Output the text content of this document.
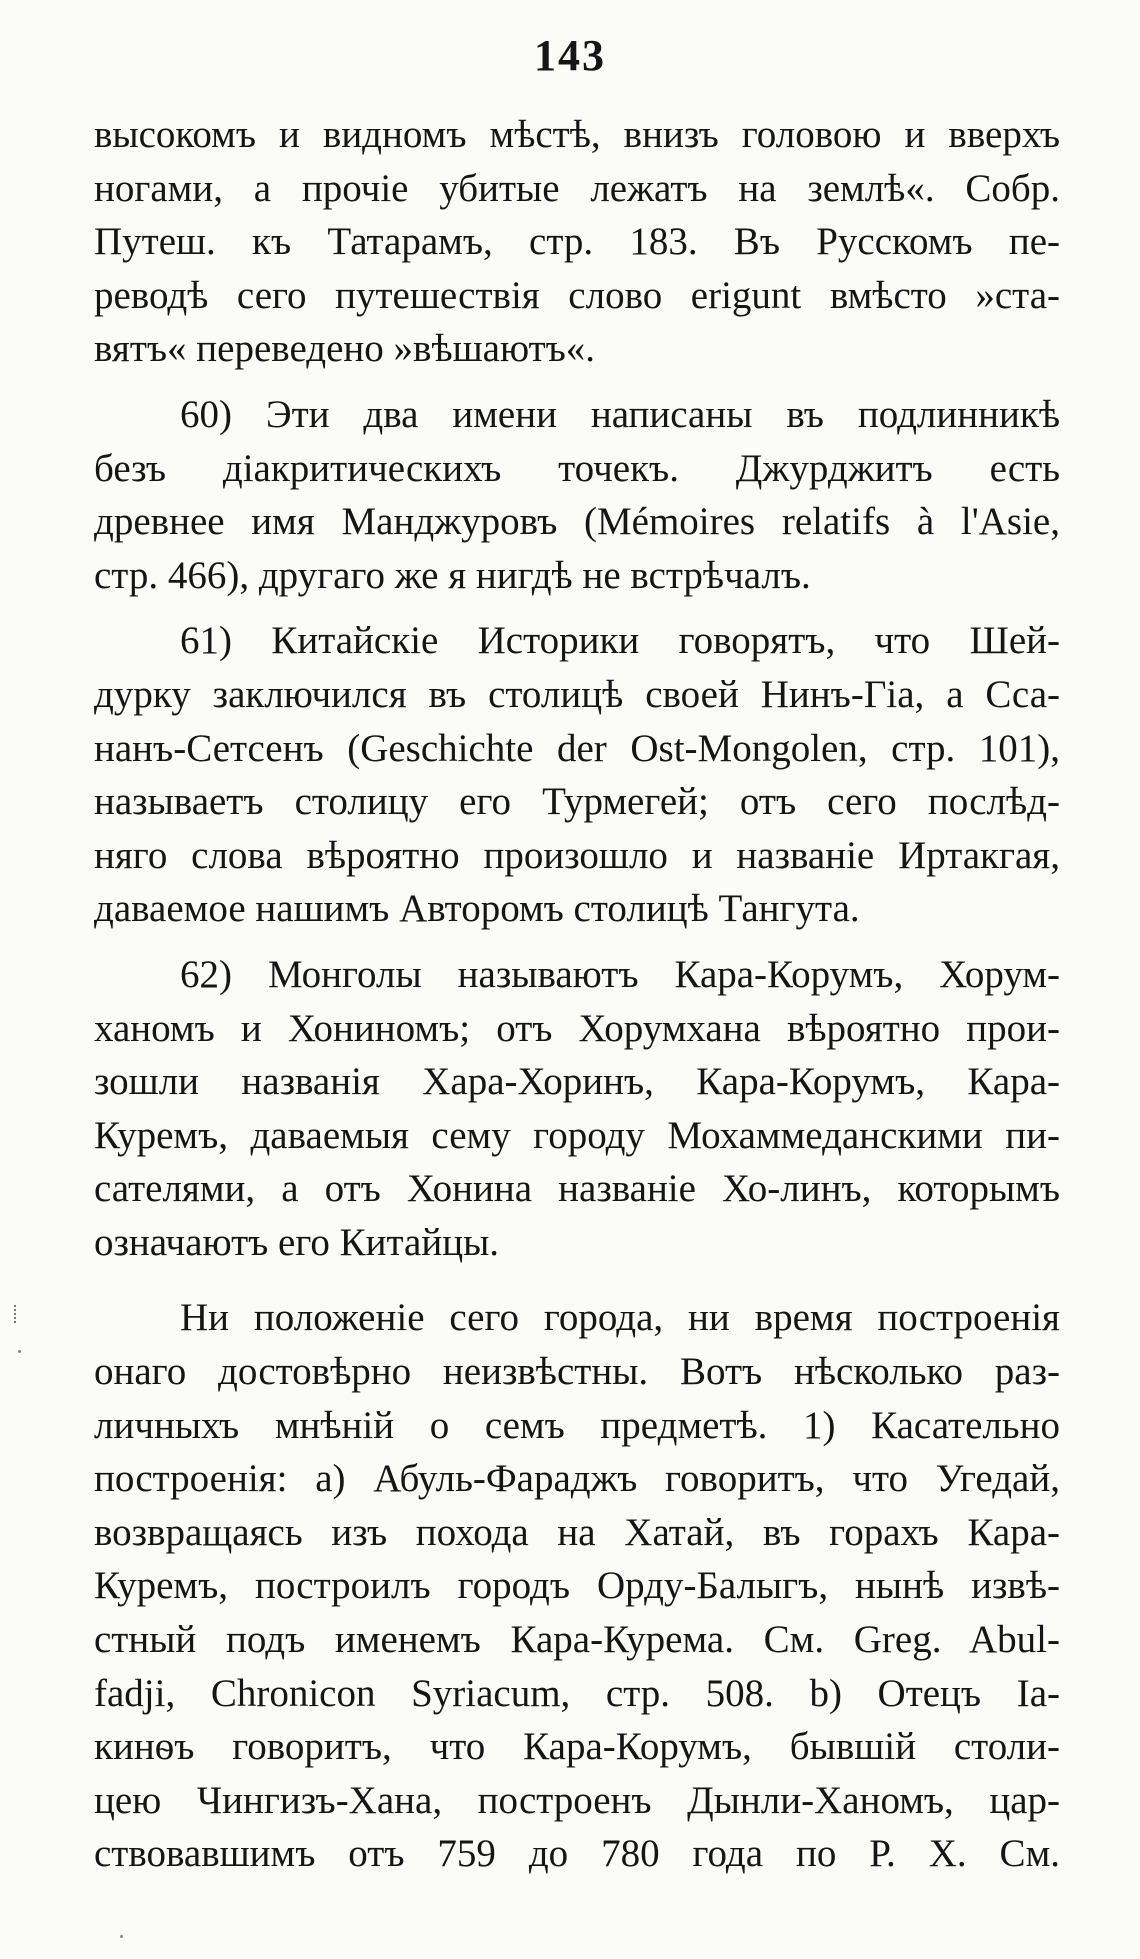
143
высокомъ и видномъ мѣстѣ, внизъ головою и вверхъ
ногами, а прочіе убитые лежатъ на землѣ«. Собр.
Путеш. къ Татарамъ, стр. 183. Въ Русскомъ пе-
реводѣ сего путешествія слово erigunt вмѣсто »ста-
вятъ« переведено »вѣшаютъ«.
60) Эти два имени написаны въ подлинникѣ
безъ діакритическихъ точекъ. Джурджитъ есть
древнее имя Манджуровъ (Mémoires relatifs à l'Asie,
стр. 466), другаго же я нигдѣ не встрѣчалъ.
61) Китайскіе Историки говорятъ, что Шей-
дурку заключился въ столицѣ своей Нинъ-Гіа, а Сса-
нанъ-Сетсенъ (Geschichte der Ost-Mongolen, стр. 101),
называетъ столицу его Турмегей; отъ сего послѣд-
няго слова вѣроятно произошло и названіе Иртакгая,
даваемое нашимъ Авторомъ столицѣ Тангута.
62) Монголы называютъ Кара-Корумъ, Хорум-
ханомъ и Хониномъ; отъ Хорумхана вѣроятно прои-
зошли названія Хара-Хоринъ, Кара-Корумъ, Кара-
Куремъ, даваемыя сему городу Мохаммеданскими пи-
сателями, а отъ Хонина названіе Хо-линъ, которымъ
означаютъ его Китайцы.
Ни положеніе сего города, ни время построенія
онаго достовѣрно неизвѣстны. Вотъ нѣсколько раз-
личныхъ мнѣній о семъ предметѣ. 1) Касательно
построенія: a) Абуль-Фараджъ говоритъ, что Угедай,
возвращаясь изъ похода на Хатай, въ горахъ Кара-
Куремъ, построилъ городъ Орду-Балыгъ, нынѣ извѣ-
стный подъ именемъ Кара-Курема. См. Greg. Abul-
fadji, Chronicon Syriacum, стр. 508. b) Отецъ Іа-
кинѳъ говоритъ, что Кара-Корумъ, бывшій столи-
цею Чингизъ-Хана, построенъ Дынли-Ханомъ, цар-
ствовавшимъ отъ 759 до 780 года по Р. Х. См.
